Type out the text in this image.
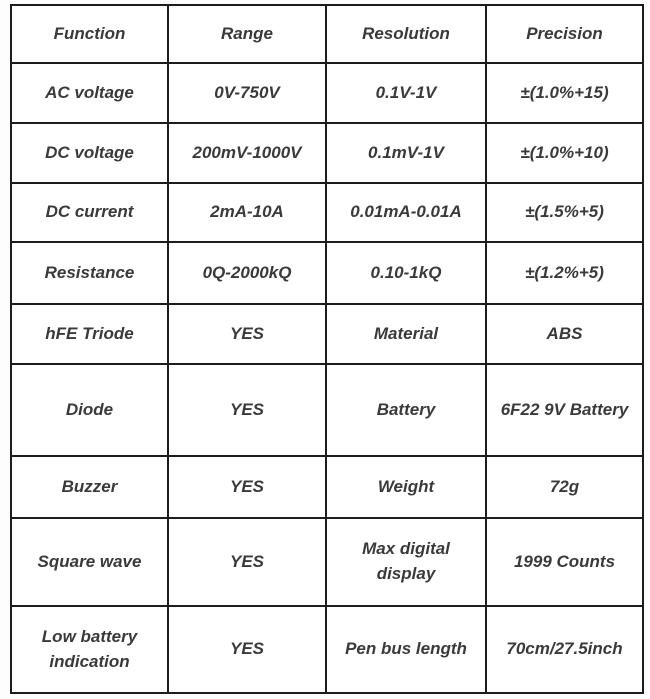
Function	Range	Resolution	Precision
AC voltage	0V-750V	0.1V-1V	±(1.0%+15)
DC voltage	200mV-1000V	0.1mV-1V	±(1.0%+10)
DC current	2mA-10A	0.01mA-0.01A	±(1.5%+5)
Resistance	0Q-2000kQ	0.10-1kQ	±(1.2%+5)
hFE Triode	YES	Material	ABS
Diode	YES	Battery	6F22 9V Battery
Buzzer	YES	Weight	72g
Square wave	YES	Max digital display	1999 Counts
Low battery indication	YES	Pen bus length	70cm/27.5inch
